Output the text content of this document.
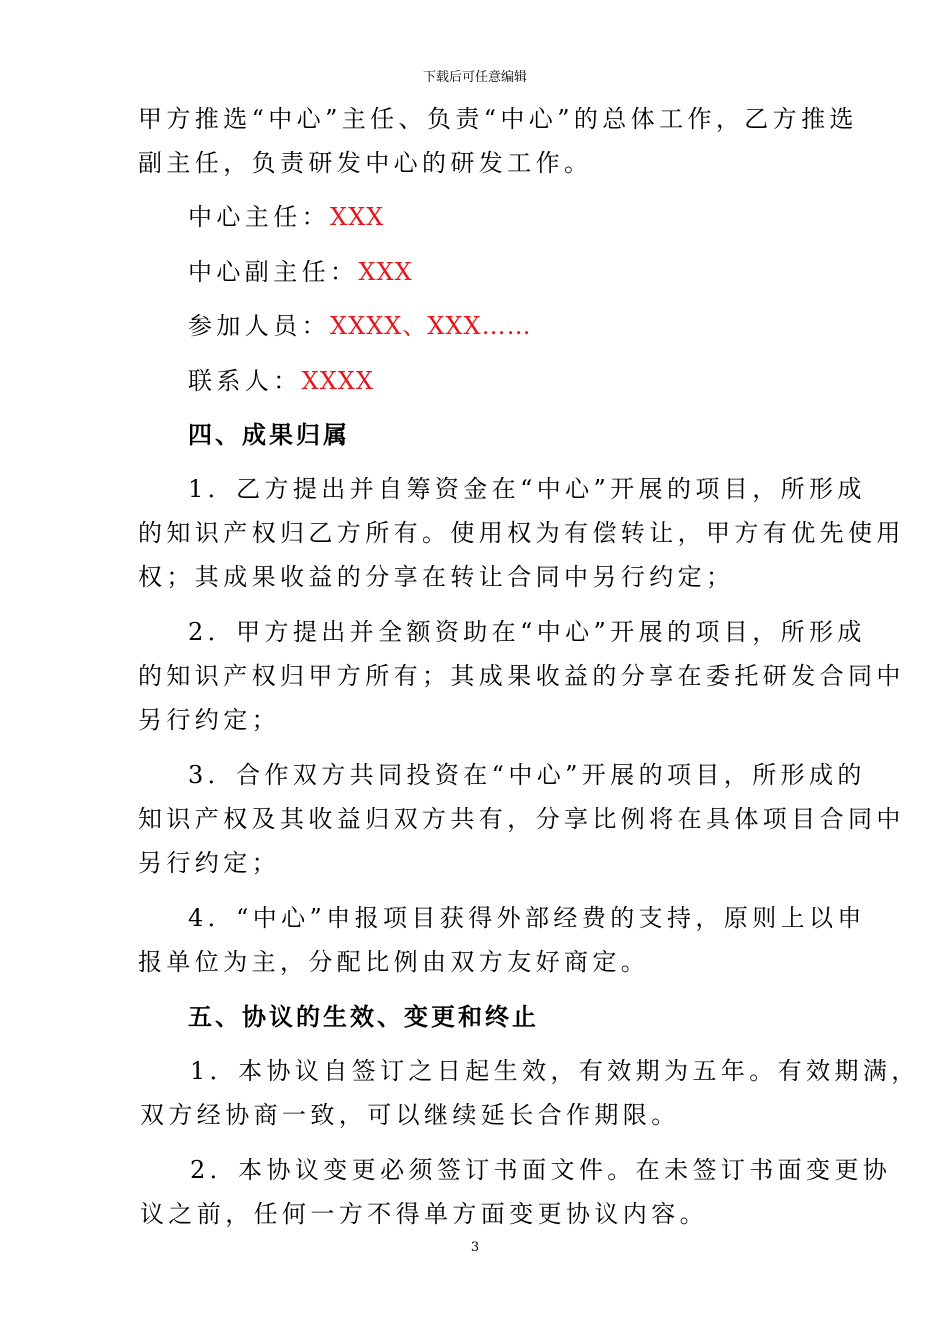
下载后可任意编辑
甲方推选“中心”主任、负责“中心”的总体工作，乙方推选
副主任，负责研发中心的研发工作。
中心主任：XXX
中心副主任：XXX
参加人员：XXXX、XXX……
联系人：XXXX
四、成果归属
1．乙方提出并自筹资金在“中心”开展的项目，所形成
的知识产权归乙方所有。使用权为有偿转让，甲方有优先使用
权；其成果收益的分享在转让合同中另行约定；
2．甲方提出并全额资助在“中心”开展的项目，所形成
的知识产权归甲方所有；其成果收益的分享在委托研发合同中
另行约定；
3．合作双方共同投资在“中心”开展的项目，所形成的
知识产权及其收益归双方共有，分享比例将在具体项目合同中
另行约定；
4．“中心”申报项目获得外部经费的支持，原则上以申
报单位为主，分配比例由双方友好商定。
五、协议的生效、变更和终止
1．本协议自签订之日起生效，有效期为五年。有效期满，
双方经协商一致，可以继续延长合作期限。
2．本协议变更必须签订书面文件。在未签订书面变更协
议之前，任何一方不得单方面变更协议内容。
3
